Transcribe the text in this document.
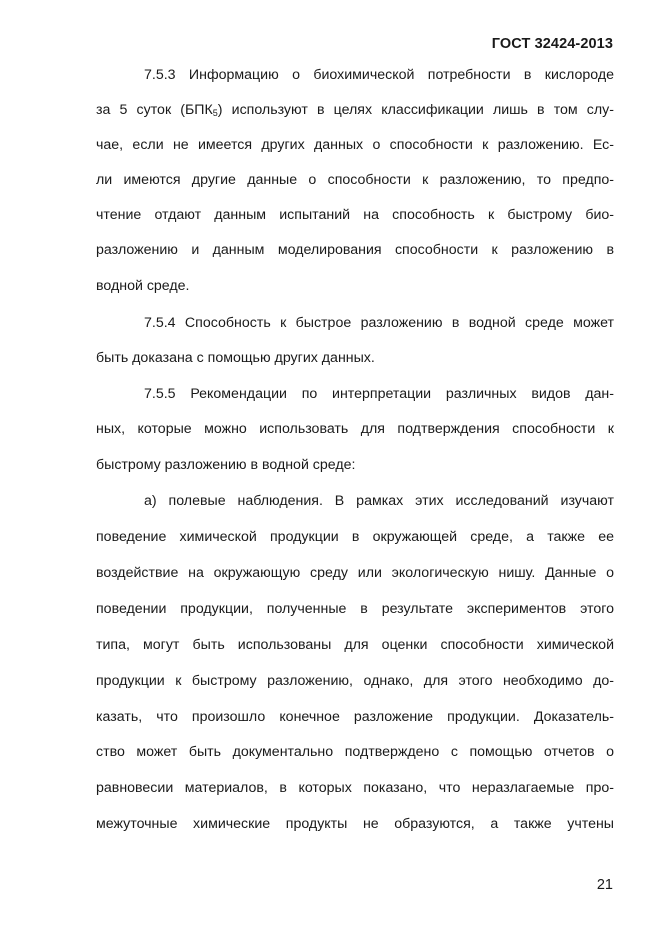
ГОСТ 32424-2013
7.5.3 Информацию о биохимической потребности в кислороде
за 5 суток $(БПК_5)$ используют в целях классификации лишь в том слу-
чае, если не имеется других данных о способности к разложению. Ес-
ли имеются другие данные о способности к разложению, то предпо-
чтение отдают данным испытаний на способность к быстрому био-
разложению и данным моделирования способности к разложению в
водной среде.
7.5.4 Способность к быстрое разложению в водной среде может
быть доказана с помощью других данных.
7.5.5 Рекомендации по интерпретации различных видов дан-
ных, которые можно использовать для подтверждения способности к
быстрому разложению в водной среде:
а) полевые наблюдения. В рамках этих исследований изучают
поведение химической продукции в окружающей среде, а также ее
воздействие на окружающую среду или экологическую нишу. Данные о
поведении продукции, полученные в результате экспериментов этого
типа, могут быть использованы для оценки способности химической
продукции к быстрому разложению, однако, для этого необходимо до-
казать, что произошло конечное разложение продукции. Доказатель-
ство может быть документально подтверждено с помощью отчетов о
равновесии материалов, в которых показано, что неразлагаемые про-
межуточные химические продукты не образуются, а также учтены
21
